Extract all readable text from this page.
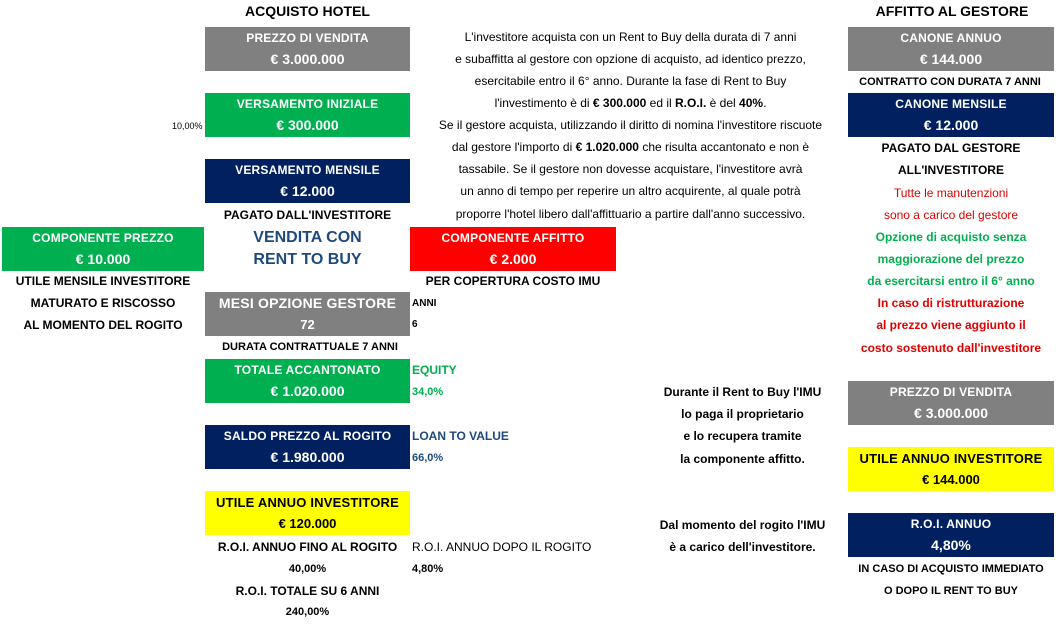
ACQUISTO HOTEL	AFFITTO AL GESTORE
PREZZO DI VENDITA
€ 3.000.000
10,00%
VERSAMENTO INIZIALE
€ 300.000
VERSAMENTO MENSILE
€ 12.000
PAGATO DALL'INVESTITORE
COMPONENTE PREZZO
€ 10.000
UTILE MENSILE INVESTITORE
MATURATO E RISCOSSO
AL MOMENTO DEL ROGITO
VENDITA CON
RENT TO BUY
COMPONENTE AFFITTO
€ 2.000
PER COPERTURA COSTO IMU
MESI OPZIONE GESTORE
72
ANNI
6
DURATA CONTRATTUALE 7 ANNI
TOTALE ACCANTONATO
€ 1.020.000
EQUITY
34,0%
SALDO PREZZO AL ROGITO
€ 1.980.000
LOAN TO VALUE
66,0%
UTILE ANNUO INVESTITORE
€ 120.000
R.O.I. ANNUO FINO AL ROGITO
40,00%
R.O.I. ANNUO DOPO IL ROGITO
4,80%
R.O.I. TOTALE SU 6 ANNI
240,00%
L'investitore acquista con un Rent to Buy della durata di 7 anni
e subaffitta al gestore con opzione di acquisto, ad identico prezzo,
esercitabile entro il 6° anno. Durante la fase di Rent to Buy
l'investimento è di € 300.000 ed il R.O.I. è del 40%.
Se il gestore acquista, utilizzando il diritto di nomina l'investitore riscuote
dal gestore l'importo di € 1.020.000 che risulta accantonato e non è
tassabile. Se il gestore non dovesse acquistare, l'investitore avrà
un anno di tempo per reperire un altro acquirente, al quale potrà
proporre l'hotel libero dall'affittuario a partire dall'anno successivo.
Durante il Rent to Buy l'IMU
lo paga il proprietario
e lo recupera tramite
la componente affitto.
Dal momento del rogito l'IMU
è a carico dell'investitore.
CANONE ANNUO
€ 144.000
CONTRATTO CON DURATA 7 ANNI
CANONE MENSILE
€ 12.000
PAGATO DAL GESTORE
ALL'INVESTITORE
Tutte le manutenzioni
sono a carico del gestore
Opzione di acquisto senza
maggiorazione del prezzo
da esercitarsi entro il 6° anno
In caso di ristrutturazione
al prezzo viene aggiunto il
costo sostenuto dall'investitore
PREZZO DI VENDITA
€ 3.000.000
UTILE ANNUO INVESTITORE
€ 144.000
R.O.I. ANNUO
4,80%
IN CASO DI ACQUISTO IMMEDIATO
O DOPO IL RENT TO BUY
